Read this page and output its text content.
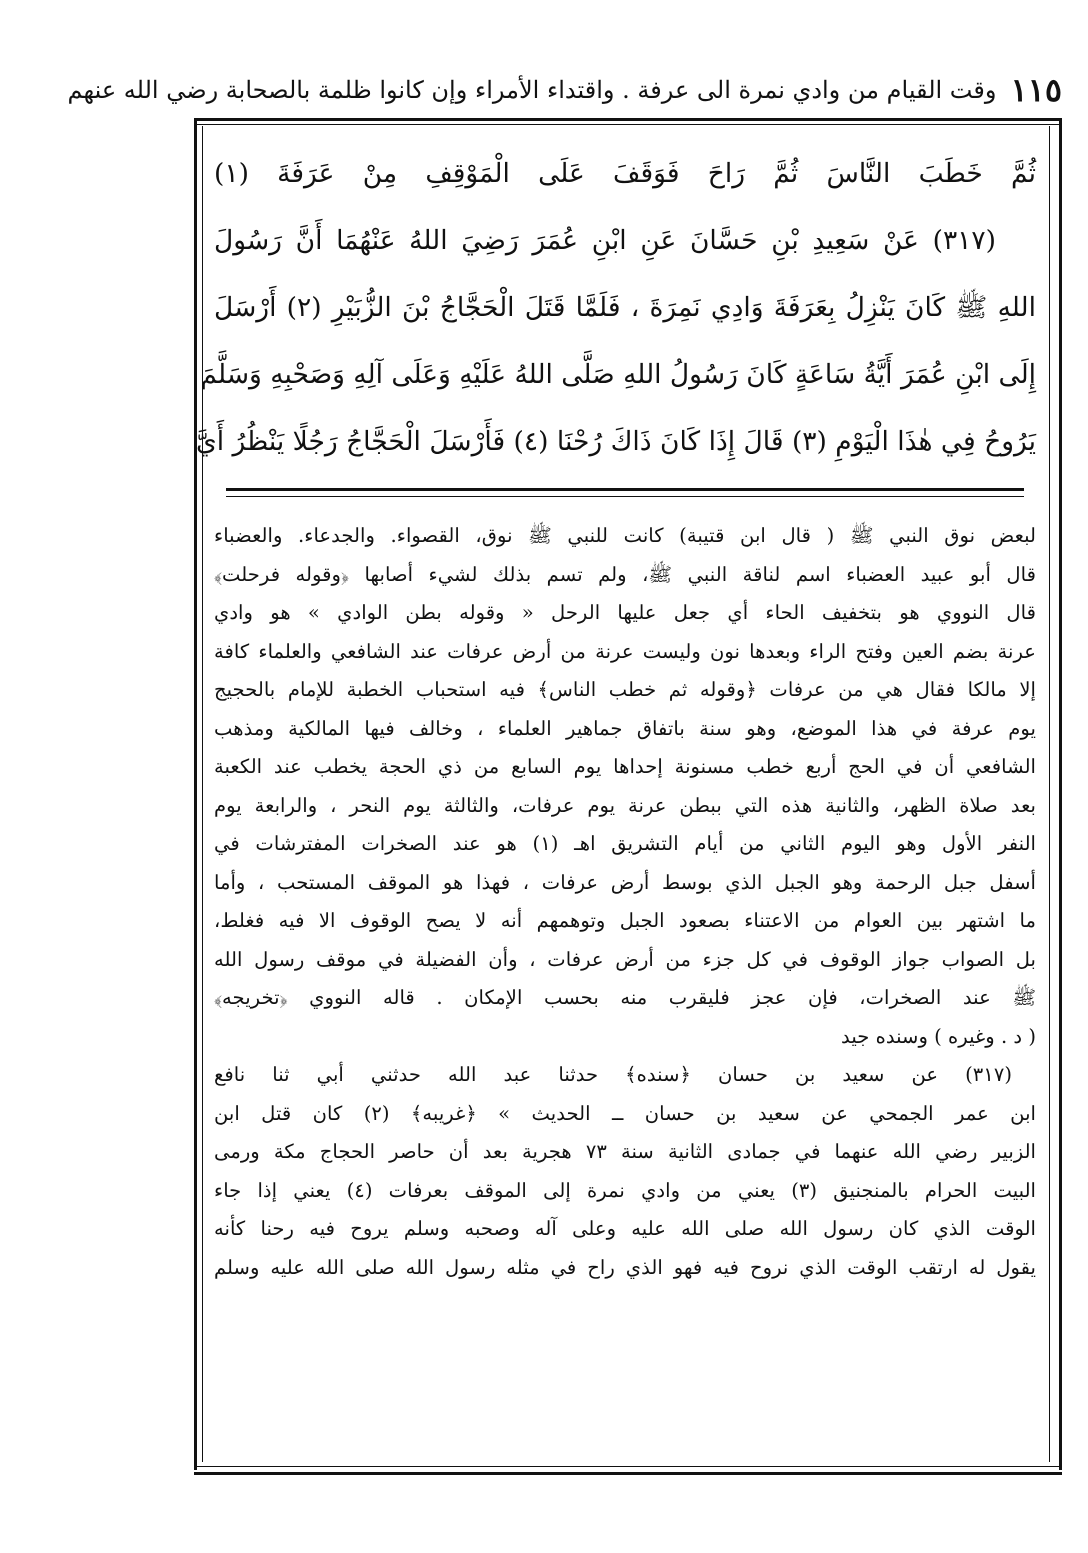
١١٥
وقت القيام من وادي نمرة الى عرفة . واقتداء الأمراء وإن كانوا ظلمة بالصحابة رضي الله عنهم
ثُمَّ خَطَبَ النَّاسَ ثُمَّ رَاحَ فَوَقَفَ عَلَى الْمَوْقِفِ مِنْ عَرَفَةَ (١)
(٣١٧) عَنْ سَعِيدِ بْنِ حَسَّانَ عَنِ ابْنِ عُمَرَ رَضِيَ اللهُ عَنْهُمَا أَنَّ رَسُولَ
اللهِ ﷺ كَانَ يَنْزِلُ بِعَرَفَةَ وَادِي نَمِرَةَ ، فَلَمَّا قَتَلَ الْحَجَّاجُ بْنَ الزُّبَيْرِ (٢) أَرْسَلَ
إِلَى ابْنِ عُمَرَ أَيَّةُ سَاعَةٍ كَانَ رَسُولُ اللهِ صَلَّى اللهُ عَلَيْهِ وَعَلَى آلِهِ وَصَحْبِهِ وَسَلَّمَ
يَرُوحُ فِي هٰذَا الْيَوْمِ (٣) قَالَ إِذَا كَانَ ذَاكَ رُحْنَا (٤) فَأَرْسَلَ الْحَجَّاجُ رَجُلًا يَنْظُرُ أَيَّ
لبعض نوق النبي ﷺ ( قال ابن قتيبة) كانت للنبي ﷺ نوق، القصواء. والجدعاء. والعضباء
قال أبو عبيد العضباء اسم لناقة النبي ﷺ، ولم تسم بذلك لشيء أصابها ﴿وقوله فرحلت﴾
قال النووي هو بتخفيف الحاء أي جعل عليها الرحل « وقوله بطن الوادي » هو وادي
عرنة بضم العين وفتح الراء وبعدها نون وليست عرنة من أرض عرفات عند الشافعي والعلماء كافة
إلا مالكا فقال هي من عرفات ﴿وقوله ثم خطب الناس﴾ فيه استحباب الخطبة للإمام بالحجيج
يوم عرفة في هذا الموضع، وهو سنة باتفاق جماهير العلماء ، وخالف فيها المالكية ومذهب
الشافعي أن في الحج أربع خطب مسنونة إحداها يوم السابع من ذي الحجة يخطب عند الكعبة
بعد صلاة الظهر، والثانية هذه التي ببطن عرنة يوم عرفات، والثالثة يوم النحر ، والرابعة يوم
النفر الأول وهو اليوم الثاني من أيام التشريق اهـ (١) هو عند الصخرات المفترشات في
أسفل جبل الرحمة وهو الجبل الذي بوسط أرض عرفات ، فهذا هو الموقف المستحب ، وأما
ما اشتهر بين العوام من الاعتناء بصعود الجبل وتوهمهم أنه لا يصح الوقوف الا فيه فغلط،
بل الصواب جواز الوقوف في كل جزء من أرض عرفات ، وأن الفضيلة في موقف رسول الله
ﷺ عند الصخرات، فإن عجز فليقرب منه بحسب الإمكان . قاله النووي ﴿تخريجه﴾
( د . وغيره ) وسنده جيد
(٣١٧) عن سعيد بن حسان ﴿سنده﴾ حدثنا عبد الله حدثني أبي ثنا نافع
ابن عمر الجمحي عن سعيد بن حسان ــ الحديث » ﴿غريبه﴾ (٢) كان قتل ابن
الزبير رضي الله عنهما في جمادى الثانية سنة ٧٣ هجرية بعد أن حاصر الحجاج مكة ورمى
البيت الحرام بالمنجنيق (٣) يعني من وادي نمرة إلى الموقف بعرفات (٤) يعني إذا جاء
الوقت الذي كان رسول الله صلى الله عليه وعلى آله وصحبه وسلم يروح فيه رحنا كأنه
يقول له ارتقب الوقت الذي نروح فيه فهو الذي راح في مثله رسول الله صلى الله عليه وسلم
